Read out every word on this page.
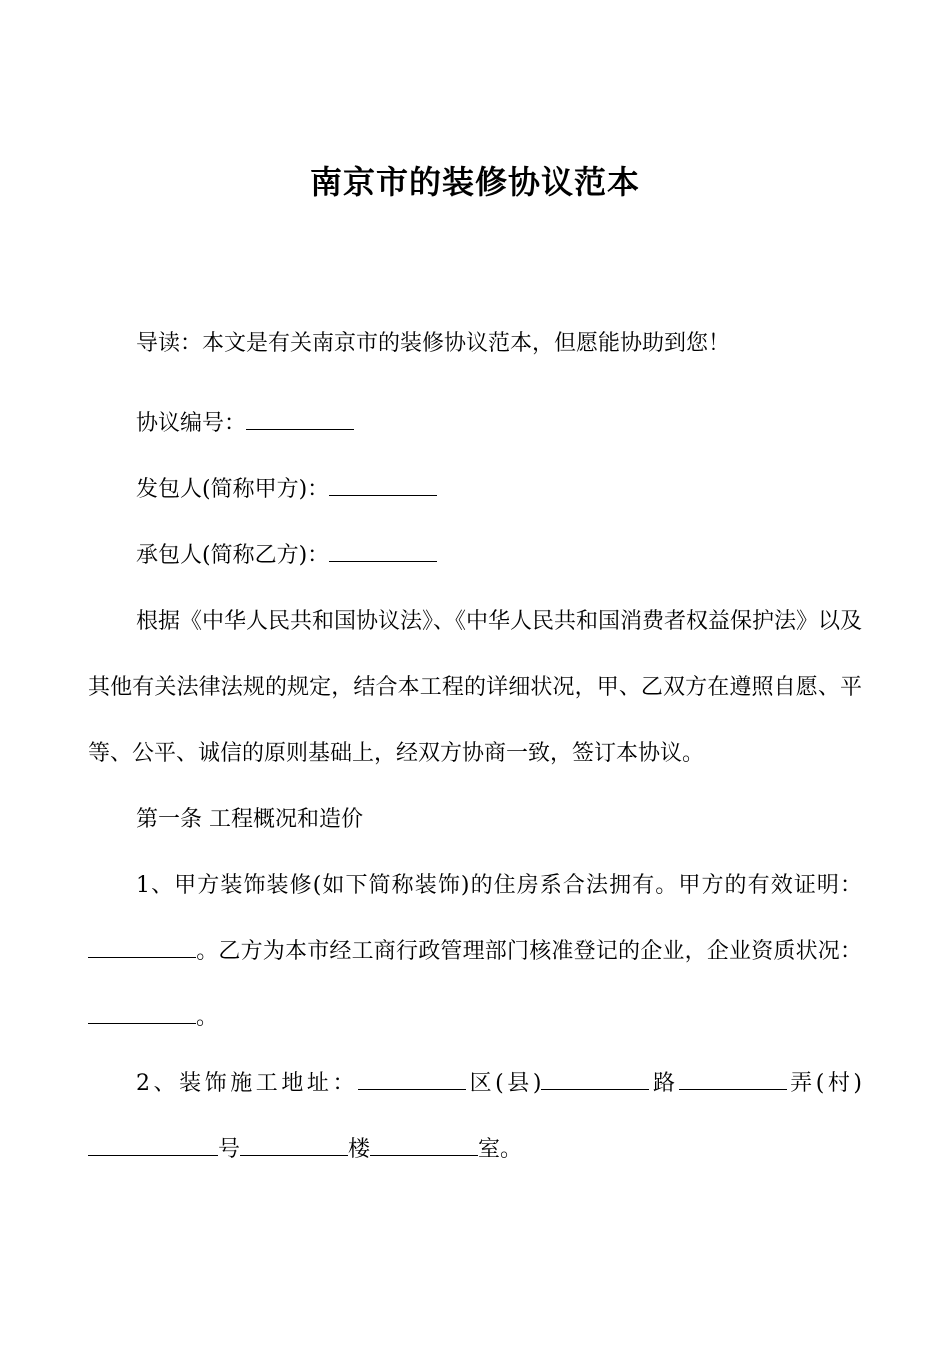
南京市的装修协议范本

导读：本文是有关南京市的装修协议范本，但愿能协助到您！

协议编号：

发包人(简称甲方)：

承包人(简称乙方)：

根据《中华人民共和国协议法》、《中华人民共和国消费者权益保护法》以及其他有关法律法规的规定，结合本工程的详细状况，甲、乙双方在遵照自愿、平等、公平、诚信的原则基础上，经双方协商一致，签订本协议。

第一条 工程概况和造价

1、甲方装饰装修(如下简称装饰)的住房系合法拥有。甲方的有效证明：。乙方为本市经工商行政管理部门核准登记的企业，企业资质状况：。

2、装饰施工地址：	区(县)	路	弄(村)号	楼	室。
